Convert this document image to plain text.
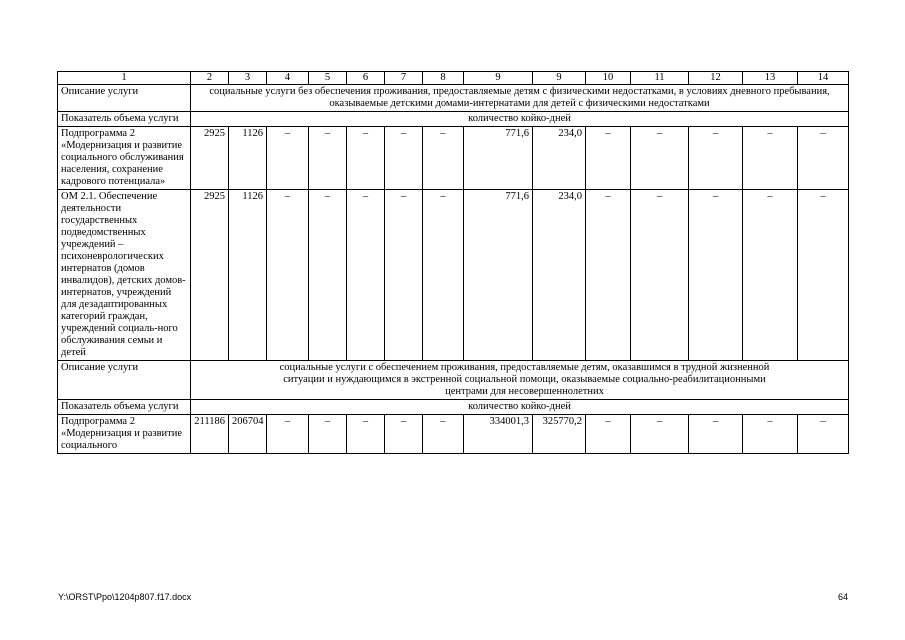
1	2	3	4	5	6	7	8	9	9	10	11	12	13	14
Описание услуги	социальные услуги без обеспечения проживания, предоставляемые детям с физическими недостатками, в условиях дневного пребывания, оказываемые детскими домами-интернатами для детей с физическими недостатками													
Показатель объема услуги	количество койко-дней													
Подпрограмма 2 «Модернизация и развитие социального обслуживания населения, сохранение кадрового потенциала»	2925	1126	–	–	–	–	–	771,6	234,0	–	–	–	–	–
ОМ 2.1. Обеспечение деятельности государственных подведомственных учреждений – психоневрологических интернатов (домов инвалидов), детских домов-интернатов, учреждений для дезадаптированных категорий граждан, учреждений социаль-ного обслуживания семьи и детей	2925	1126	–	–	–	–	–	771,6	234,0	–	–	–	–	–
Описание услуги	социальные услуги с обеспечением проживания, предоставляемые детям, оказавшимся в трудной жизненной ситуации и нуждающимся в экстренной социальной помощи, оказываемые социально-реабилитационными центрами для несовершеннолетних													
Показатель объема услуги	количество койко-дней													
Подпрограмма 2 «Модернизация и развитие социального	211186	206704	–	–	–	–	–	334001,3	325770,2	–	–	–	–	–
Y:\ORST\Ppo\1204p807.f17.docx	64
